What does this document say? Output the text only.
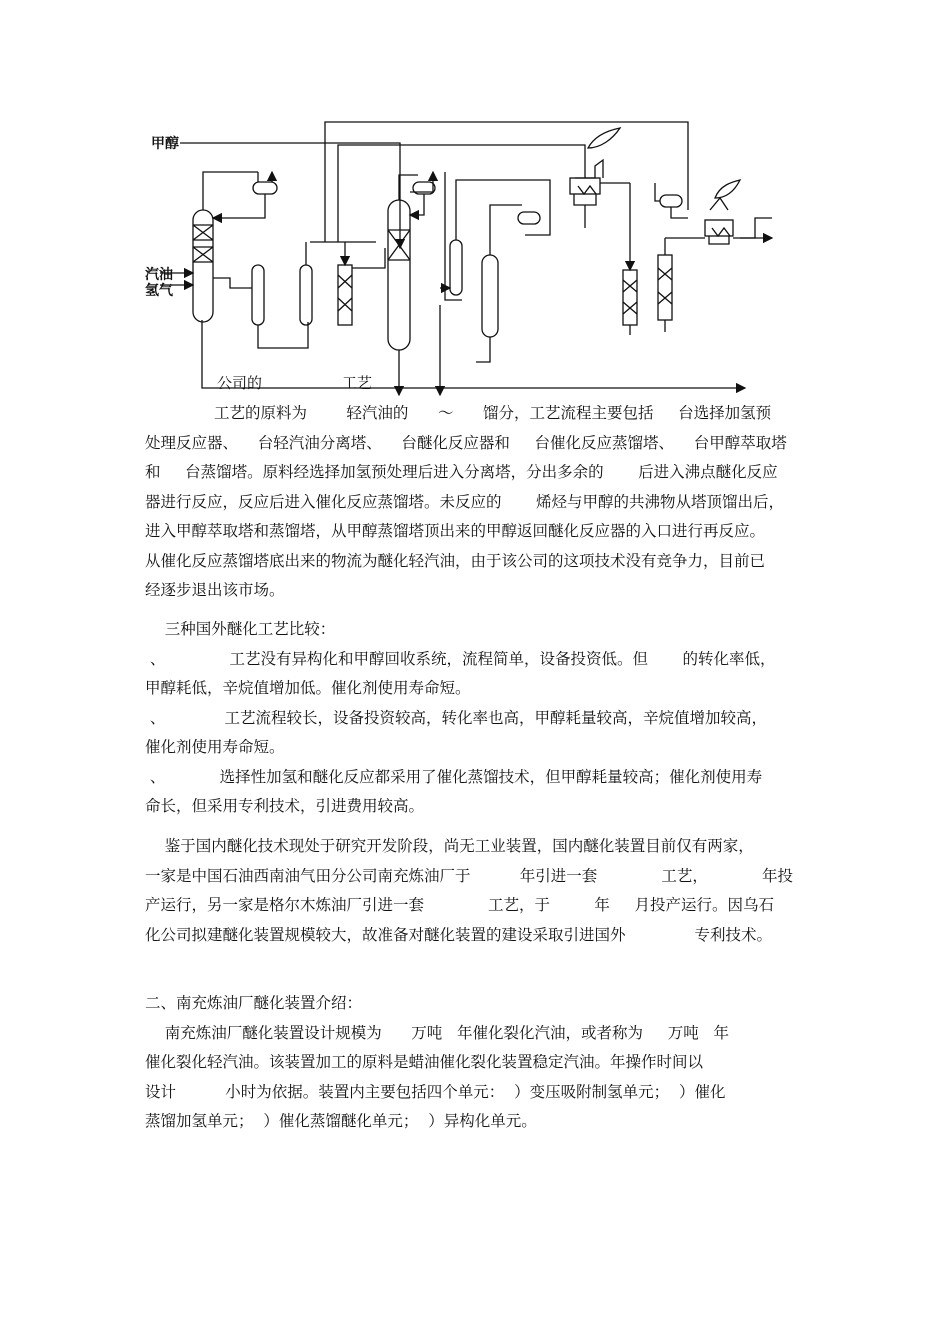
甲醇
汽油
氢气
公司的	工艺
工艺的原料为        轻汽油的      ～      馏分，工艺流程主要包括     台选择加氢预
处理反应器、    台轻汽油分离塔、    台醚化反应器和     台催化反应蒸馏塔、    台甲醇萃取塔
和     台蒸馏塔。原料经选择加氢预处理后进入分离塔，分出多余的       后进入沸点醚化反应
器进行反应，反应后进入催化反应蒸馏塔。未反应的       烯烃与甲醇的共沸物从塔顶馏出后，
进入甲醇萃取塔和蒸馏塔，从甲醇蒸馏塔顶出来的甲醇返回醚化反应器的入口进行再反应。
从催化反应蒸馏塔底出来的物流为醚化轻汽油，由于该公司的这项技术没有竞争力，目前已
经逐步退出该市场。
三种国外醚化工艺比较：
、             工艺没有异构化和甲醇回收系统，流程简单，设备投资低。但       的转化率低，
甲醇耗低，辛烷值增加低。催化剂使用寿命短。
、            工艺流程较长，设备投资较高，转化率也高，甲醇耗量较高，辛烷值增加较高，
催化剂使用寿命短。
、           选择性加氢和醚化反应都采用了催化蒸馏技术，但甲醇耗量较高；催化剂使用寿
命长，但采用专利技术，引进费用较高。
鉴于国内醚化技术现处于研究开发阶段，尚无工业装置，国内醚化装置目前仅有两家，
一家是中国石油西南油气田分公司南充炼油厂于          年引进一套             工艺，           年投
产运行，另一家是格尔木炼油厂引进一套             工艺，于         年     月投产运行。因乌石
化公司拟建醚化装置规模较大，故准备对醚化装置的建设采取引进国外              专利技术。
二、南充炼油厂醚化装置介绍：
南充炼油厂醚化装置设计规模为      万吨   年催化裂化汽油，或者称为     万吨   年
催化裂化轻汽油。该装置加工的原料是蜡油催化裂化装置稳定汽油。年操作时间以
设计          小时为依据。装置内主要包括四个单元：  ）变压吸附制氢单元；  ）催化
蒸馏加氢单元；  ）催化蒸馏醚化单元；  ）异构化单元。
